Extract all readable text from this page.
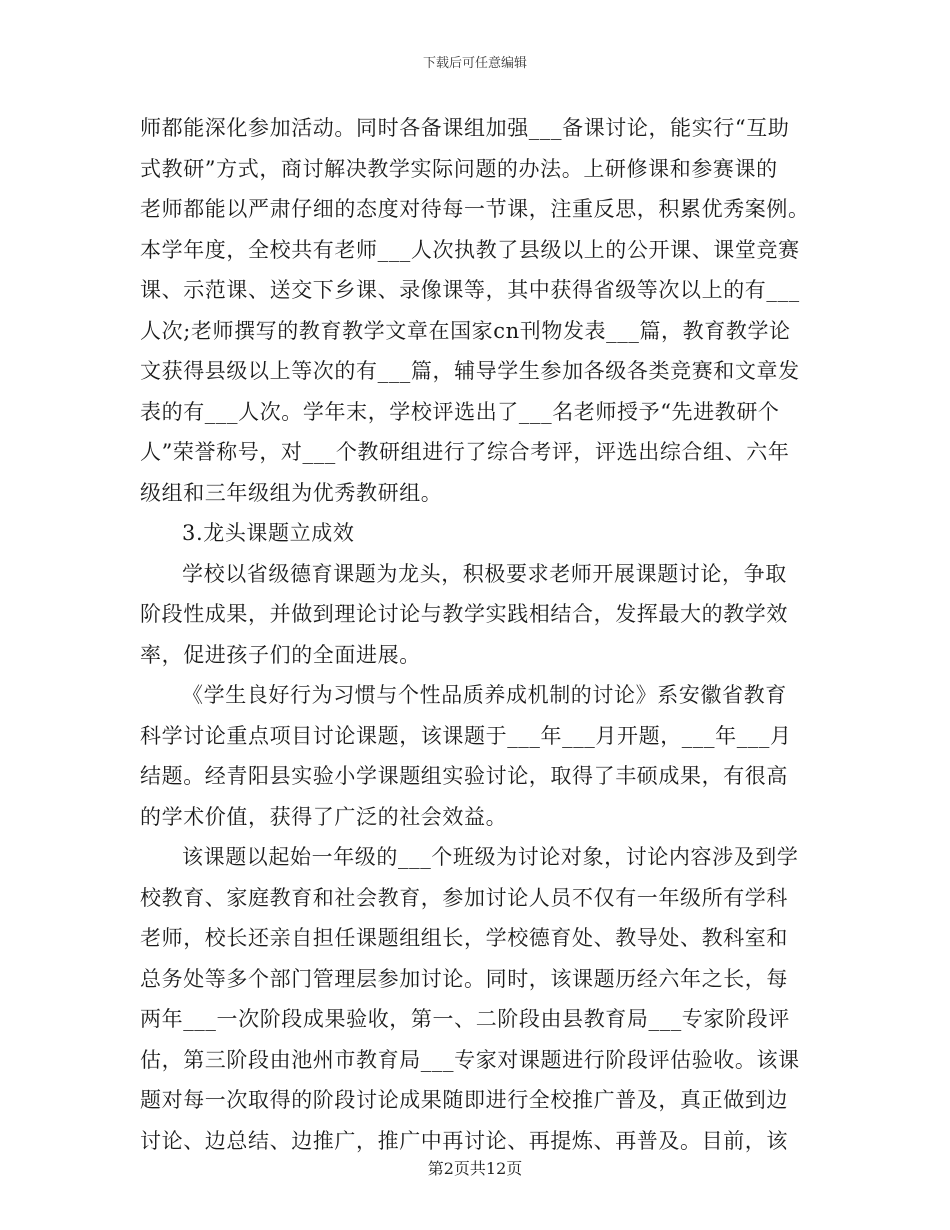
下载后可任意编辑

师都能深化参加活动。同时各备课组加强___备课讨论，能实行“互助
式教研”方式，商讨解决教学实际问题的办法。上研修课和参赛课的
老师都能以严肃仔细的态度对待每一节课，注重反思，积累优秀案例。
本学年度，全校共有老师___人次执教了县级以上的公开课、课堂竞赛
课、示范课、送交下乡课、录像课等，其中获得省级等次以上的有___
人次;老师撰写的教育教学文章在国家cn刊物发表___篇，教育教学论
文获得县级以上等次的有___篇，辅导学生参加各级各类竞赛和文章发
表的有___人次。学年末，学校评选出了___名老师授予“先进教研个
人”荣誉称号，对___个教研组进行了综合考评，评选出综合组、六年
级组和三年级组为优秀教研组。

3.龙头课题立成效

学校以省级德育课题为龙头，积极要求老师开展课题讨论，争取
阶段性成果，并做到理论讨论与教学实践相结合，发挥最大的教学效
率，促进孩子们的全面进展。

《学生良好行为习惯与个性品质养成机制的讨论》系安徽省教育
科学讨论重点项目讨论课题，该课题于___年___月开题，___年___月
结题。经青阳县实验小学课题组实验讨论，取得了丰硕成果，有很高
的学术价值，获得了广泛的社会效益。

该课题以起始一年级的___个班级为讨论对象，讨论内容涉及到学
校教育、家庭教育和社会教育，参加讨论人员不仅有一年级所有学科
老师，校长还亲自担任课题组组长，学校德育处、教导处、教科室和
总务处等多个部门管理层参加讨论。同时，该课题历经六年之长，每
两年___一次阶段成果验收，第一、二阶段由县教育局___专家阶段评
估，第三阶段由池州市教育局___专家对课题进行阶段评估验收。该课
题对每一次取得的阶段讨论成果随即进行全校推广普及，真正做到边
讨论、边总结、边推广，推广中再讨论、再提炼、再普及。目前，该

第2页共12页
